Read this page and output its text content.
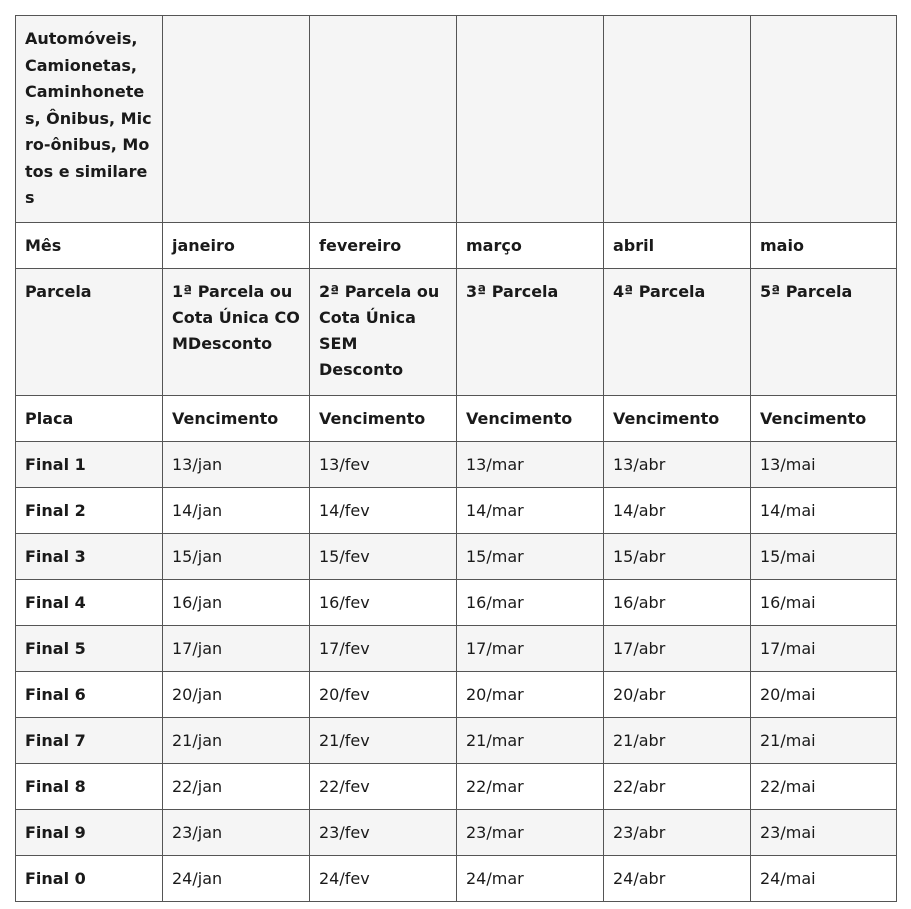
Automóveis, Camionetas, Caminhonetes, Ônibus, Micro-ônibus, Motos e similares					
Mês	janeiro	fevereiro	março	abril	maio
Parcela	1ª Parcela ou Cota Única COMDesconto	2ª Parcela ou Cota Única SEM Desconto	3ª Parcela	4ª Parcela	5ª Parcela
Placa	Vencimento	Vencimento	Vencimento	Vencimento	Vencimento
Final 1	13/jan	13/fev	13/mar	13/abr	13/mai
Final 2	14/jan	14/fev	14/mar	14/abr	14/mai
Final 3	15/jan	15/fev	15/mar	15/abr	15/mai
Final 4	16/jan	16/fev	16/mar	16/abr	16/mai
Final 5	17/jan	17/fev	17/mar	17/abr	17/mai
Final 6	20/jan	20/fev	20/mar	20/abr	20/mai
Final 7	21/jan	21/fev	21/mar	21/abr	21/mai
Final 8	22/jan	22/fev	22/mar	22/abr	22/mai
Final 9	23/jan	23/fev	23/mar	23/abr	23/mai
Final 0	24/jan	24/fev	24/mar	24/abr	24/mai
